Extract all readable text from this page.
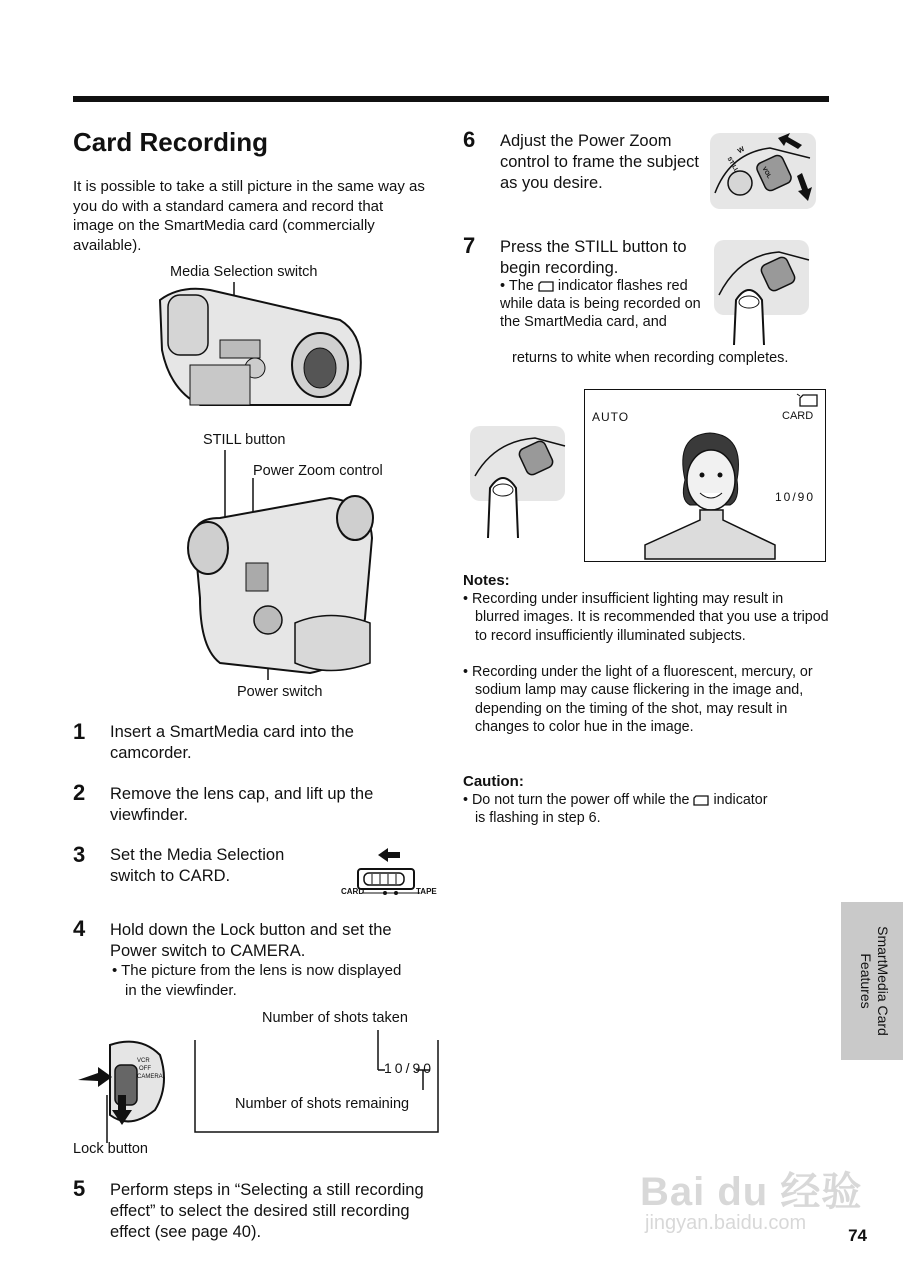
Card Recording
It is possible to take a still picture in the same way as you do with a standard camera and record that image on the SmartMedia card (commercially available).
Media Selection switch
STILL button
Power Zoom control
Power switch
1 Insert a SmartMedia card into the camcorder.
2 Remove the lens cap, and lift up the viewfinder.
3 Set the Media Selection switch to CARD.
CARD	TAPE
4 Hold down the Lock button and set the Power switch to CAMERA.
• The picture from the lens is now displayed in the viewfinder.
Number of shots taken
10/90
Number of shots remaining
VCR
OFF
CAMERA
Lock button
5 Perform steps in “Selecting a still recording effect” to select the desired still recording effect (see page 40).
6 Adjust the Power Zoom control to frame the subject as you desire.
W
STILL	VOL
7 Press the STILL button to begin recording.
• The indicator flashes red while data is being recorded on the SmartMedia card, and
returns to white when recording completes.
AUTO	CARD
10/90
Notes:
• Recording under insufficient lighting may result in blurred images. It is recommended that you use a tripod to record insufficiently illuminated subjects.
• Recording under the light of a fluorescent, mercury, or sodium lamp may cause flickering in the image and, depending on the timing of the shot, may result in changes to color hue in the image.
Caution:
• Do not turn the power off while the indicator
is flashing in step 6.
SmartMedia Card Features
Bai du 经验
jingyan.baidu.com
74
